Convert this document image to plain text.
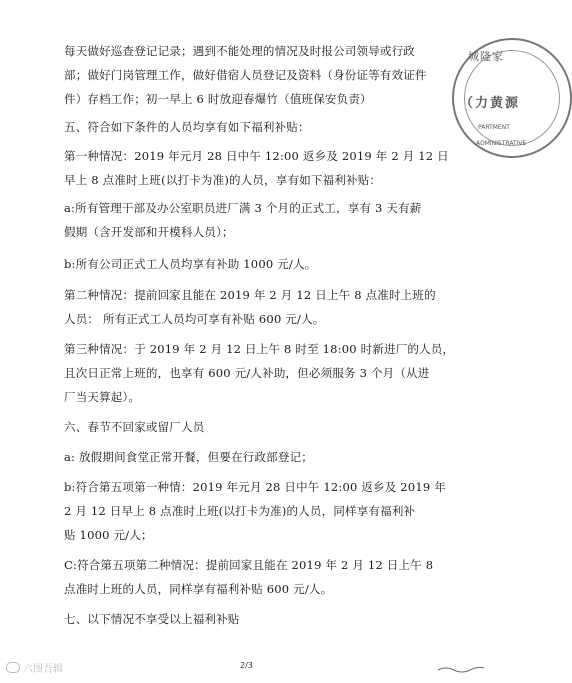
每天做好巡查登记记录；遇到不能处理的情况及时报公司领导或行政
部；做好门岗管理工作，做好借宿人员登记及资料（身份证等有效证件
件）存档工作；初一早上 6 时放迎春爆竹（值班保安负责）
五、符合如下条件的人员均享有如下福利补贴：
第一种情况：2019 年元月 28 日中午 12:00 返乡及 2019 年 2 月 12 日
早上 8 点准时上班(以打卡为准)的人员，享有如下福利补贴：
a:所有管理干部及办公室职员进厂满 3 个月的正式工，享有 3 天有薪
假期（含开发部和开模科人员）；
b:所有公司正式工人员均享有补助 1000 元/人。
第二种情况：提前回家且能在 2019 年 2 月 12 日上午 8 点准时上班的
人员： 所有正式工人员均可享有补贴 600 元/人。
第三种情况：于 2019 年 2 月 12 日上午 8 时至 18:00 时新进厂的人员，
且次日正常上班的，也享有 600 元/人补助，但必须服务 3 个月（从进
厂当天算起）。
六、春节不回家或留厂人员
a: 放假期间食堂正常开餐，但要在行政部登记；
b:符合第五项第一种情：2019 年元月 28 日中午 12:00 返乡及 2019 年
2 月 12 日早上 8 点准时上班(以打卡为准)的人员，同样享有福利补
贴 1000 元/人；
C:符合第五项第二种情况：提前回家且能在 2019 年 2 月 12 日上午 8
点准时上班的人员，同样享有福利补贴 600 元/人。
七、以下情况不享受以上福利补贴
城隆家
（力黄源
PARTMENT
ADMINISTRATIVE
六图吾辑	2/3
